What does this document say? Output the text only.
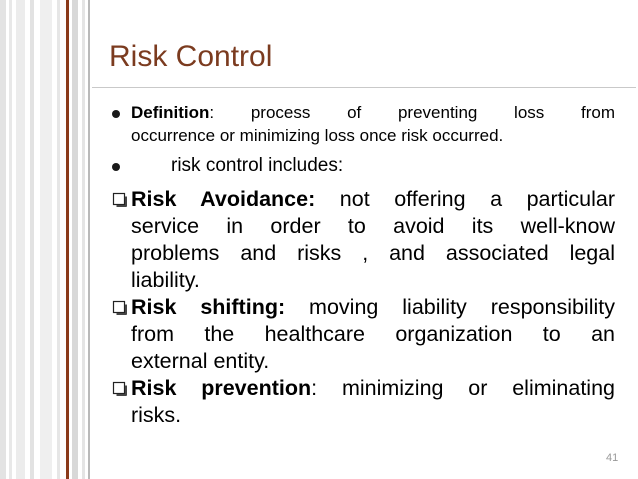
Risk Control
Definition: process of preventing loss from
occurrence or minimizing loss once risk occurred.
risk control includes:
Risk Avoidance: not offering a particular
service in order to avoid its well-know
problems and risks , and associated legal
liability.
Risk shifting: moving liability responsibility
from the healthcare organization to an
external entity.
Risk prevention: minimizing or eliminating
risks.
41
